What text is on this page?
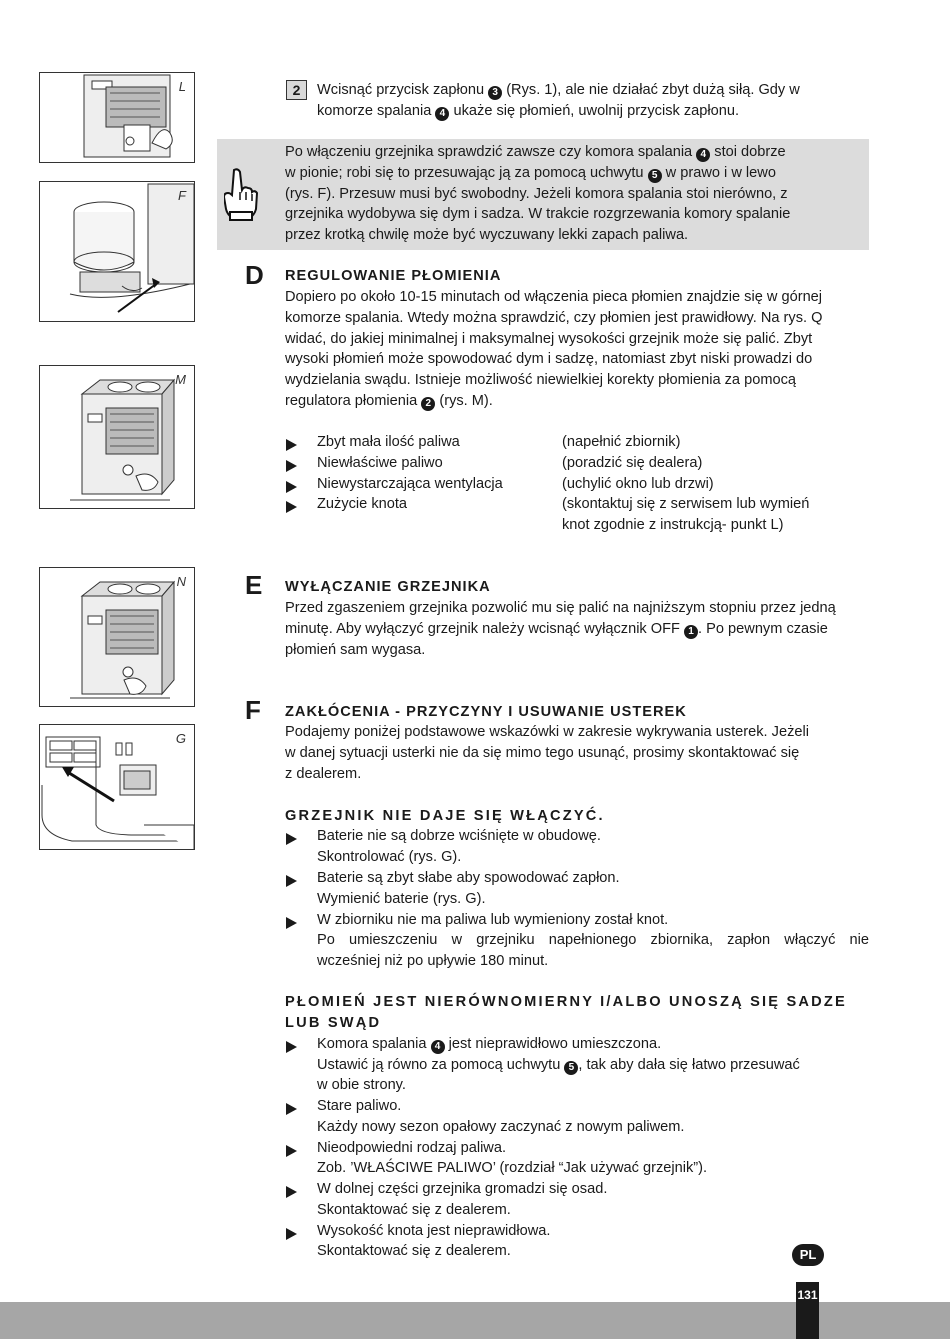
L
F
M
N
G
2	Wcisnąć przycisk zapłonu 3 (Rys. 1), ale nie działać zbyt dużą siłą. Gdy w
komorze spalania 4 ukaże się płomień, uwolnij przycisk zapłonu.
Po włączeniu grzejnika sprawdzić zawsze czy komora spalania 4 stoi dobrze
w pionie; robi się to przesuwając ją za pomocą uchwytu 5 w prawo i w lewo
(rys. F). Przesuw musi być swobodny. Jeżeli komora spalania stoi nierówno, z
grzejnika wydobywa się dym i sadza. W trakcie rozgrzewania komory spalanie
przez krotką chwilę może być wyczuwany lekki zapach paliwa.
D REGULOWANIE PŁOMIENIA
Dopiero po około 10-15 minutach od włączenia pieca płomien znajdzie się w górnej
komorze spalania. Wtedy można sprawdzić, czy płomien jest prawidłowy. Na rys. Q
widać, do jakiej minimalnej i maksymalnej wysokości grzejnik może się palić. Zbyt
wysoki płomień może spowodować dym i sadzę, natomiast zbyt niski prowadzi do
wydzielania swądu. Istnieje możliwość niewielkiej korekty płomienia za pomocą
regulatora płomienia 2 (rys. M).
Zbyt mała ilość paliwa	(napełnić zbiornik)
Niewłaściwe paliwo	(poradzić się dealera)
Niewystarczająca wentylacja	(uchylić okno lub drzwi)
Zużycie knota	(skontaktuj się z serwisem lub wymień
knot zgodnie z instrukcją- punkt L)
E WYŁĄCZANIE GRZEJNIKA
Przed zgaszeniem grzejnika pozwolić mu się palić na najniższym stopniu przez jedną
minutę. Aby wyłączyć grzejnik należy wcisnąć wyłącznik OFF 1 . Po pewnym czasie
płomień sam wygasa.
F ZAKŁÓCENIA - PRZYCZYNY I USUWANIE USTEREK
Podajemy poniżej podstawowe wskazówki w zakresie wykrywania usterek. Jeżeli
w danej sytuacji usterki nie da się mimo tego usunąć, prosimy skontaktować się
z dealerem.
GRZEJNIK NIE DAJE SIĘ WŁĄCZYĆ.
Baterie nie są dobrze wciśnięte w obudowę.
Skontrolować (rys. G).
Baterie są zbyt słabe aby spowodować zapłon.
Wymienić baterie (rys. G).
W zbiorniku nie ma paliwa lub wymieniony został knot.
Po umieszczeniu w grzejniku napełnionego zbiornika, zapłon włączyć nie
wcześniej niż po upływie 180 minut.
PŁOMIEŃ JEST NIERÓWNOMIERNY I/ALBO UNOSZĄ SIĘ SADZE
LUB SWĄD
Komora spalania 4 jest nieprawidłowo umieszczona.
Ustawić ją równo za pomocą uchwytu 5 , tak aby dała się łatwo przesuwać
w obie strony.
Stare paliwo.
Każdy nowy sezon opałowy zaczynać z nowym paliwem.
Nieodpowiedni rodzaj paliwa.
Zob. ’WŁAŚCIWE PALIWO’ (rozdział “Jak używać grzejnik”).
W dolnej części grzejnika gromadzi się osad.
Skontaktować się z dealerem.
Wysokość knota jest nieprawidłowa.
Skontaktować się z dealerem.	PL
131
